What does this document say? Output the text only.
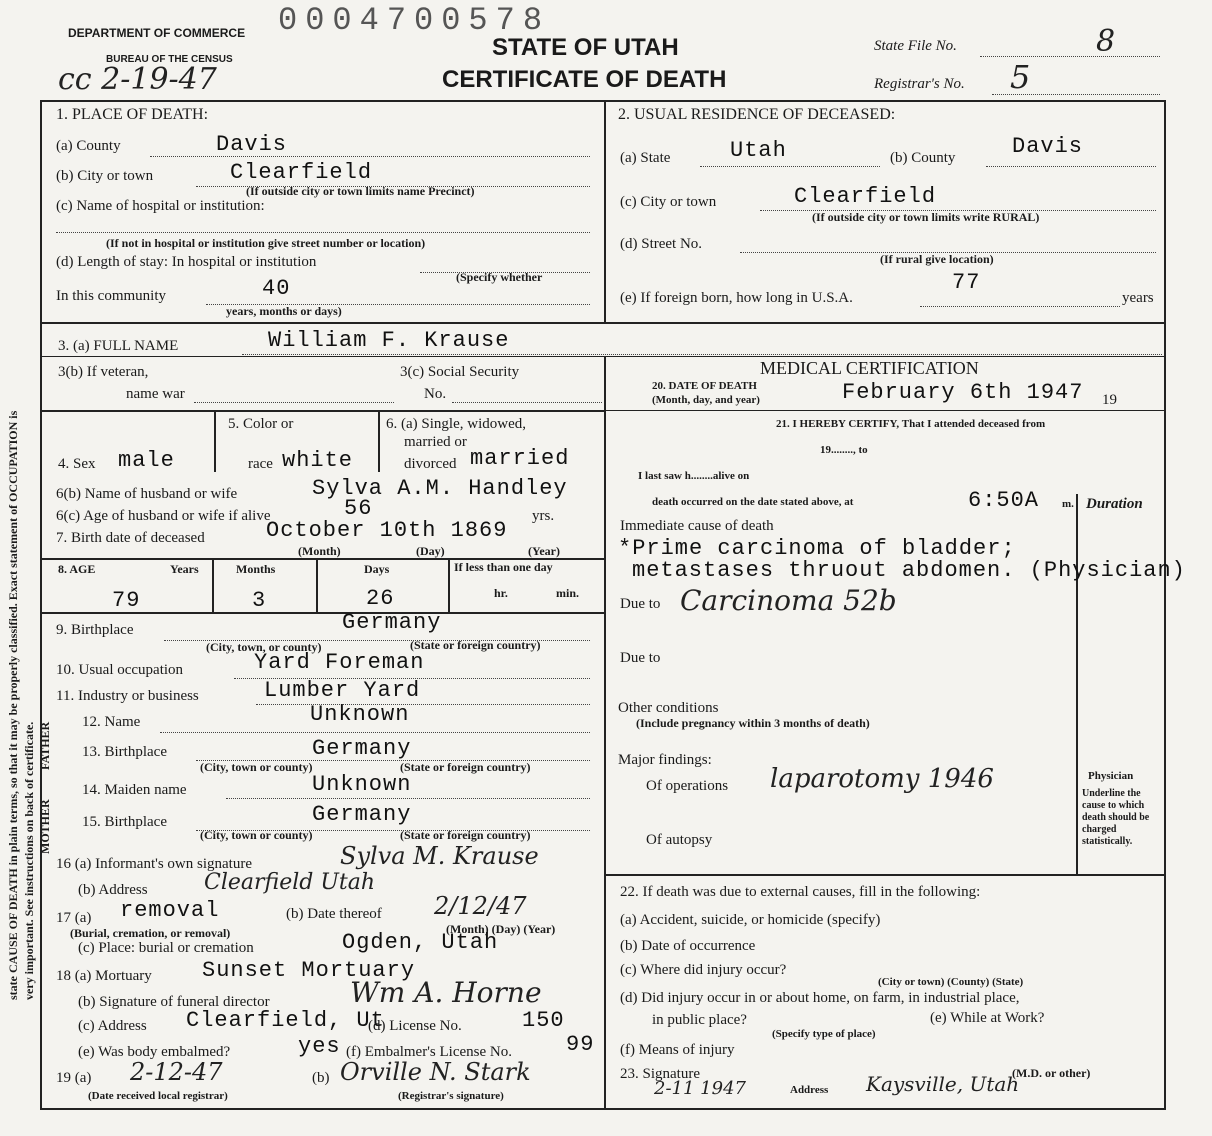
state CAUSE OF DEATH in plain terms, so that it may be properly classified. Exact statement of OCCUPATION is very important. See instructions on back of certificate.
DEPARTMENT OF COMMERCE
BUREAU OF THE CENSUS
cc 2-19-47
0004700578
STATE OF UTAH
CERTIFICATE OF DEATH
State File No.	8
Registrar's No. 5
1. PLACE OF DEATH:
(a) County	Davis
(b) City or town	Clearfield
(If outside city or town limits name Precinct)
(c) Name of hospital or institution:
(If not in hospital or institution give street number or location)
(d) Length of stay: In hospital or institution
(Specify whether
In this community	40
years, months or days)
2. USUAL RESIDENCE OF DECEASED:
(a) State	Utah	(b) County	Davis
(c) City or town	Clearfield
(If outside city or town limits write RURAL)
(d) Street No.
(If rural give location)
(e) If foreign born, how long in U.S.A.
77
years
3. (a) FULL NAME	William F. Krause
3(b) If veteran,
name war
3(c) Social Security
No.
4. Sex male
5. Color or
race white
6. (a) Single, widowed,
married or
divorced married
6(b) Name of husband or wife	Sylva A.M. Handley
6(c) Age of husband or wife if alive	56	yrs.
7. Birth date of deceased	October 10th 1869
(Month)	(Day)	(Year)
8. AGE	Years	Months	Days	If less than one day
79	3	26	hr.	min.
9. Birthplace	Germany
(City, town, or county)	(State or foreign country)
10. Usual occupation	Yard Foreman
11. Industry or business	Lumber Yard
MOTHER
FATHER 12. Name	Unknown
13. Birthplace	Germany
(City, town or county)	(State or foreign country)
14. Maiden name	Unknown
15. Birthplace	Germany
(City, town or county)	(State or foreign country)
16 (a) Informant's own signature	Sylva M. Krause
(b) Address	Clearfield Utah
17 (a) removal
(Burial, cremation, or removal)
(b) Date thereof 2/12/47
(Month) (Day) (Year)
(c) Place: burial or cremation	Ogden, Utah
18 (a) Mortuary Sunset Mortuary
(b) Signature of funeral director	Wm A. Horne
(c) Address Clearfield, Ut
(d) License No.	150
(e) Was body embalmed?	yes (f) Embalmer's License No. 99
19 (a) 2-12-47
(Date received local registrar)
(b) Orville N. Stark
(Registrar's signature)
MEDICAL CERTIFICATION
20. DATE OF DEATH
(Month, day, and year)	February 6th 1947 19
21. I HEREBY CERTIFY, That I attended deceased from
19........, to
I last saw h........alive on
death occurred on the date stated above, at	6:50A m. Duration
Immediate cause of death
*Prime carcinoma of bladder;
metastases thruout abdomen. (Physician)
Due to Carcinoma 52b
Due to
Other conditions
(Include pregnancy within 3 months of death)
Major findings:
Of operations laparotomy 1946
Of autopsy
Physician
Underline the cause to which death should be charged statistically.
22. If death was due to external causes, fill in the following:
(a) Accident, suicide, or homicide (specify)
(b) Date of occurrence
(c) Where did injury occur?
(City or town) (County) (State)
(d) Did injury occur in or about home, on farm, in industrial place,
in public place?
(Specify type of place)
(e) While at Work?
(f) Means of injury
23. Signature	(M.D. or other)
2-11 1947	Address Kaysville, Utah
